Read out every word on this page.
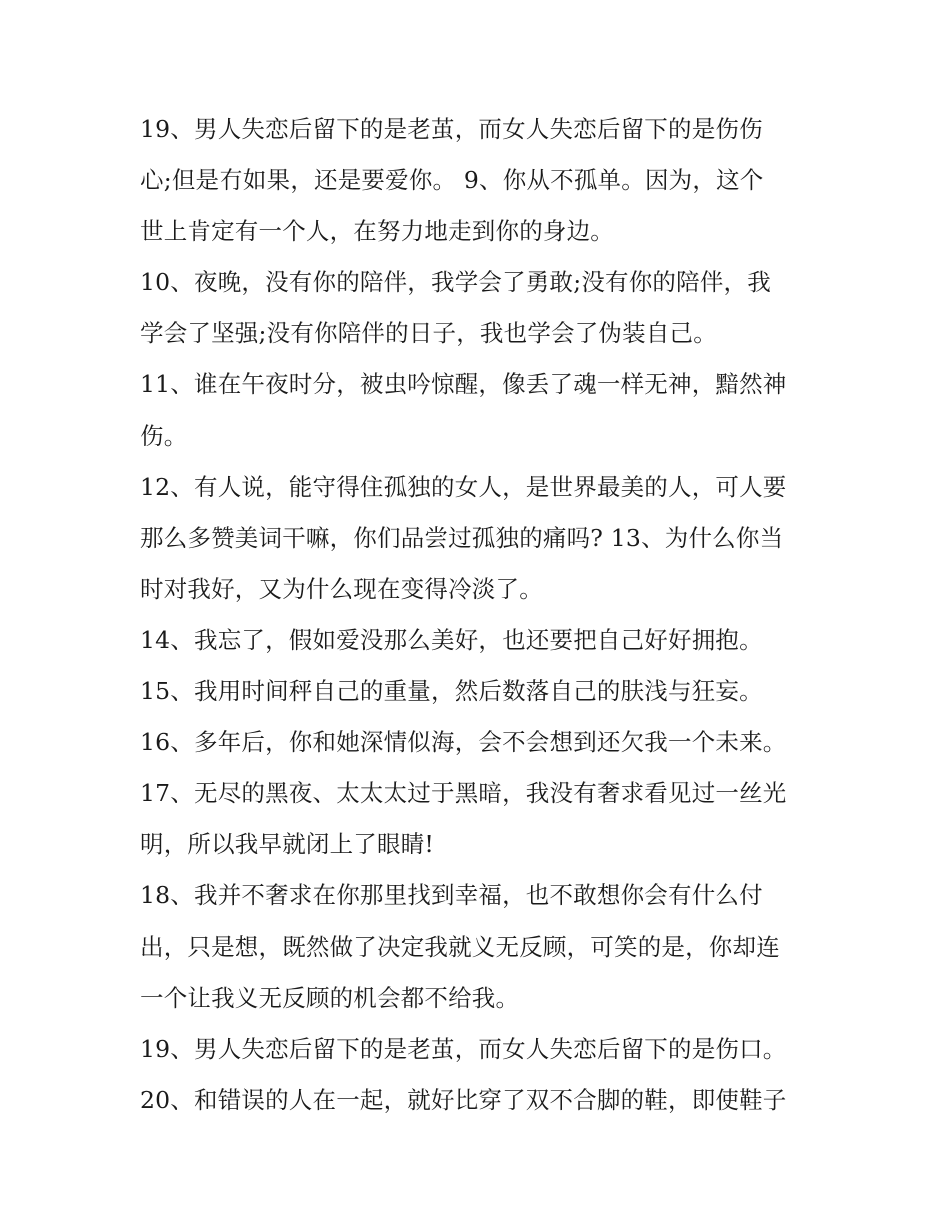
19、男人失恋后留下的是老茧，而女人失恋后留下的是伤伤
心;但是冇如果，还是要爱你。 9、你从不孤单。因为，这个
世上肯定有一个人，在努力地走到你的身边。
10、夜晚，没有你的陪伴，我学会了勇敢;没有你的陪伴，我
学会了坚强;没有你陪伴的日子，我也学会了伪装自己。
11、谁在午夜时分，被虫吟惊醒，像丢了魂一样无神，黯然神
伤。
12、有人说，能守得住孤独的女人，是世界最美的人，可人要
那么多赞美词干嘛，你们品尝过孤独的痛吗? 13、为什么你当
时对我好，又为什么现在变得冷淡了。
14、我忘了，假如爱没那么美好，也还要把自己好好拥抱。
15、我用时间秤自己的重量，然后数落自己的肤浅与狂妄。
16、多年后，你和她深情似海，会不会想到还欠我一个未来。
17、无尽的黑夜、太太太过于黑暗，我没有奢求看见过一丝光
明，所以我早就闭上了眼睛!
18、我并不奢求在你那里找到幸福，也不敢想你会有什么付
出，只是想，既然做了决定我就义无反顾，可笑的是，你却连
一个让我义无反顾的机会都不给我。
19、男人失恋后留下的是老茧，而女人失恋后留下的是伤口。
20、和错误的人在一起，就好比穿了双不合脚的鞋，即使鞋子
